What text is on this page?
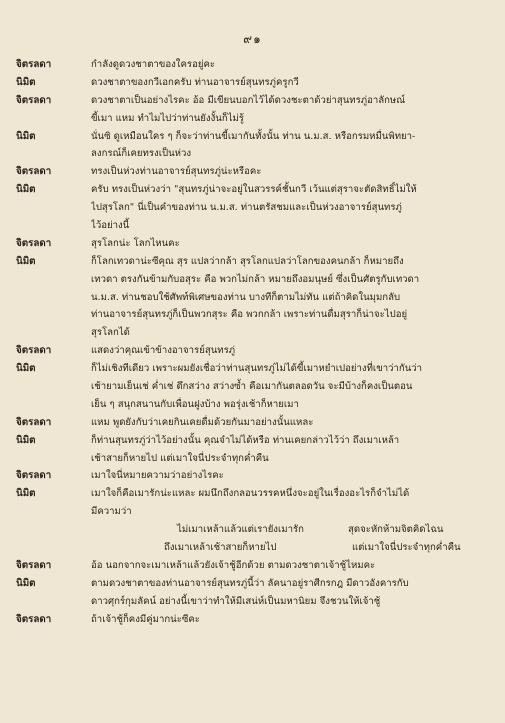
๙๑
จิตรลดา	กำลังดูดวงชาตาของใครอยู่คะ
นิมิต	ดวงชาตาของกวีเอกครับ ท่านอาจารย์สุนทรภู่ครูกวี
จิตรลดา	ดวงชาตาเป็นอย่างไรคะ อ้อ มีเขียนบอกไว้ได้ดวงชะตาด้วย่าสุนทรภู่อาลักษณ์
ขี้เมา แหม ทำไมไปว่าท่านยังงั้นก็ไม่รู้
นิมิต	นั่นซิ ดูเหมือนใคร ๆ ก็จะว่าท่านขี้เมากันทั้งนั้น ท่าน น.ม.ส. หรือกรมหมื่นพิทยา-
ลงกรณ์ก็เคยทรงเป็นห่วง
จิตรลดา	ทรงเป็นห่วงท่านอาจารย์สุนทรภู่น่ะหรือคะ
นิมิต	ครับ ทรงเป็นห่วงว่า "สุนทรภู่น่าจะอยู่ในสวรรค์ชั้นกวี เว้นแต่สุราจะตัดสิทธิ์ไม่ให้
ไปสุรโลก" นี่เป็นคำของท่าน น.ม.ส. ท่านตรัสชมและเป็นห่วงอาจารย์สุนทรภู่
ไว้อย่างนี้
จิตรลดา	สุรโลกน่ะ โลกไหนคะ
นิมิต	ก็โลกเทวดาน่ะซีคุณ สุร แปลว่ากล้า สุรโลกแปลว่าโลกของคนกล้า ก็หมายถึง
เทวดา ตรงกันข้ามกับอสุระ คือ พวกไม่กล้า หมายถึงอมนุษย์ ซึ่งเป็นศัตรูกับเทวดา
น.ม.ส. ท่านชอบใช้ศัพท์พิเศษของท่าน บางทีก็ตามไม่ทัน แต่ถ้าคิดในมุมกลับ
ท่านอาจารย์สุนทรภู่ก็เป็นพวกสุระ คือ พวกกล้า เพราะท่านดื่มสุราก็น่าจะไปอยู่
สุรโลกได้
จิตรลดา	แสดงว่าคุณเข้าข้างอาจารย์สุนทรภู่
นิมิต	ก็ไม่เชิงทีเดียว เพราะผมยังเชื่อว่าท่านสุนทรภู่ไม่ได้ขี้เมาหยำเปอย่างที่เขาว่ากันว่า
เช้ายามเย็นเช่ ค่ำเช่ ดึกสว่าง สว่างซ้ำ คือเมากันตลอดวัน จะมีบ้างก็คงเป็นตอน
เย็น ๆ สนุกสนานกับเพื่อนฝูงบ้าง พอรุ่งเช้าก็หายเมา
จิตรลดา	แหม พูดยังกับว่าเคยกินเคยดื่มด้วยกันมาอย่างนั้นแหละ
นิมิต	ก็ท่านสุนทรภู่ว่าไว้อย่างนั้น คุณจำไม่ได้หรือ ท่านเคยกล่าวไว้ว่า ถึงเมาเหล้า
เช้าสายก็หายไป แต่เมาใจนี่ประจำทุกค่ำคืน
จิตรลดา	เมาใจนี่หมายความว่าอย่างไรคะ
นิมิต	เมาใจก็คือเมารักน่ะแหละ ผมนึกถึงกลอนวรรคหนึ่งจะอยู่ในเรื่องอะไรก็จำไม่ได้
มีความว่า
ไม่เมาเหล้าแล้วแต่เรายังเมารัก	สุดจะหักห้ามจิตคิดไฉน
ถึงเมาเหล้าเช้าสายก็หายไป	แต่เมาใจนี่ประจำทุกค่ำคืน
จิตรลดา	อ้อ นอกจากจะเมาเหล้าแล้วยังเจ้าชู้อีกด้วย ตามดวงชาตาเจ้าชู้ไหมคะ
นิมิต	ตามดวงชาตาของท่านอาจารย์สุนทรภู่นี้ว่า ลัคนาอยู่ราศีกรกฎ มีดาวอังคารกับ
ดาวศุกร์กุมลัคน์ อย่างนี้เขาว่าทำให้มีเสน่ห์เป็นมหานิยม จึงชวนให้เจ้าชู้
จิตรลดา	ถ้าเจ้าชู้ก็คงมีคู่มากน่ะซีคะ
